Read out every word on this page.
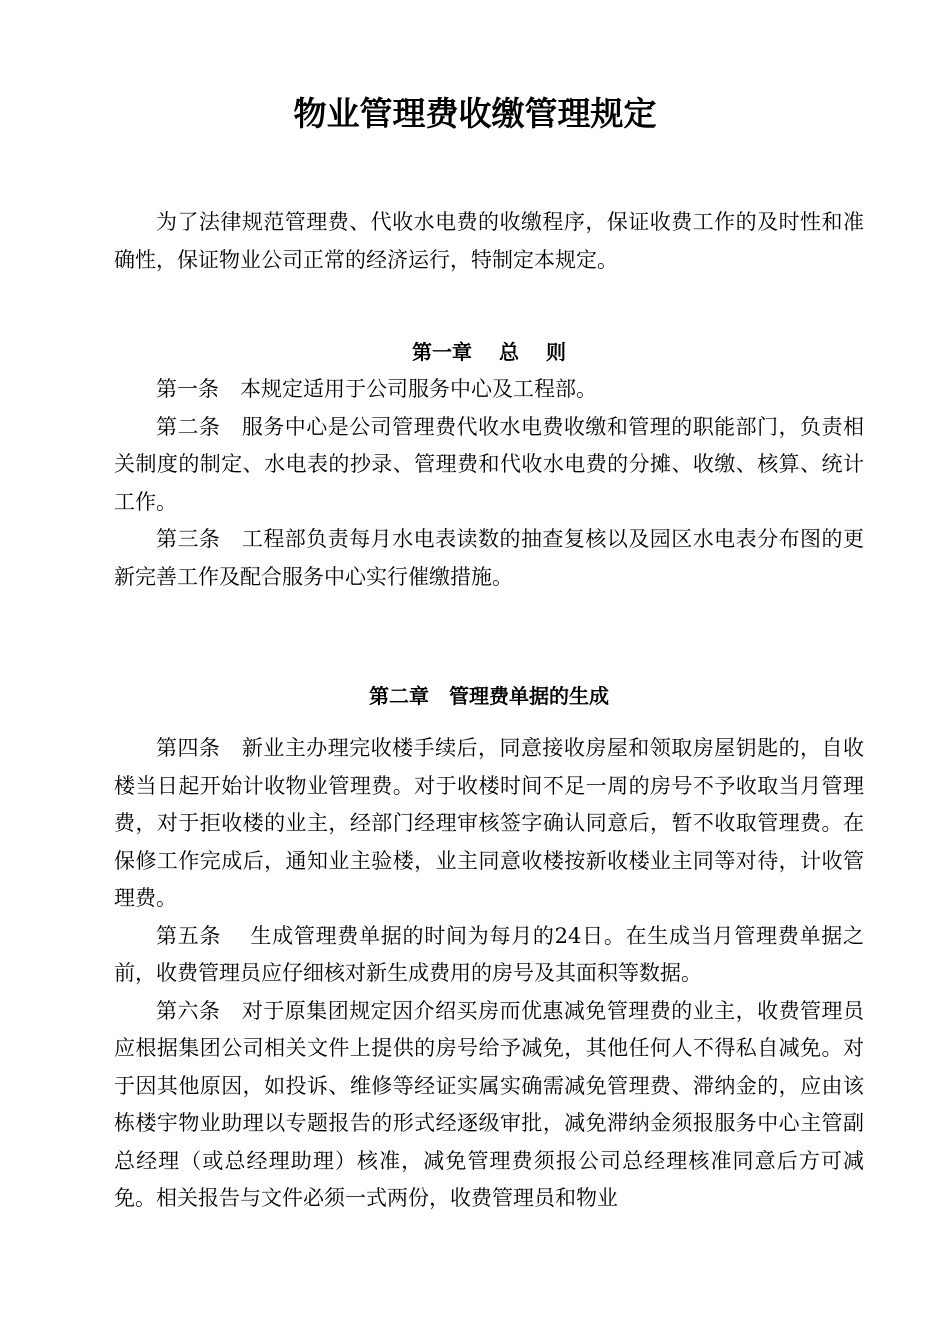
物业管理费收缴管理规定

为了法律规范管理费、代收水电费的收缴程序，保证收费工作的及时性和准确性，保证物业公司正常的经济运行，特制定本规定。

第一章　 总　 则

第一条　本规定适用于公司服务中心及工程部。

第二条　服务中心是公司管理费代收水电费收缴和管理的职能部门，负责相关制度的制定、水电表的抄录、管理费和代收水电费的分摊、收缴、核算、统计工作。

第三条　工程部负责每月水电表读数的抽查复核以及园区水电表分布图的更新完善工作及配合服务中心实行催缴措施。

第二章　管理费单据的生成

第四条　新业主办理完收楼手续后，同意接收房屋和领取房屋钥匙的，自收楼当日起开始计收物业管理费。对于收楼时间不足一周的房号不予收取当月管理费，对于拒收楼的业主，经部门经理审核签字确认同意后，暂不收取管理费。在保修工作完成后，通知业主验楼，业主同意收楼按新收楼业主同等对待，计收管理费。

第五条　 生成管理费单据的时间为每月的24日。在生成当月管理费单据之前，收费管理员应仔细核对新生成费用的房号及其面积等数据。

第六条　对于原集团规定因介绍买房而优惠减免管理费的业主，收费管理员应根据集团公司相关文件上提供的房号给予减免，其他任何人不得私自减免。对于因其他原因，如投诉、维修等经证实属实确需减免管理费、滞纳金的，应由该栋楼宇物业助理以专题报告的形式经逐级审批，减免滞纳金须报服务中心主管副总经理（或总经理助理）核准，减免管理费须报公司总经理核准同意后方可减免。相关报告与文件必须一式两份，收费管理员和物业
